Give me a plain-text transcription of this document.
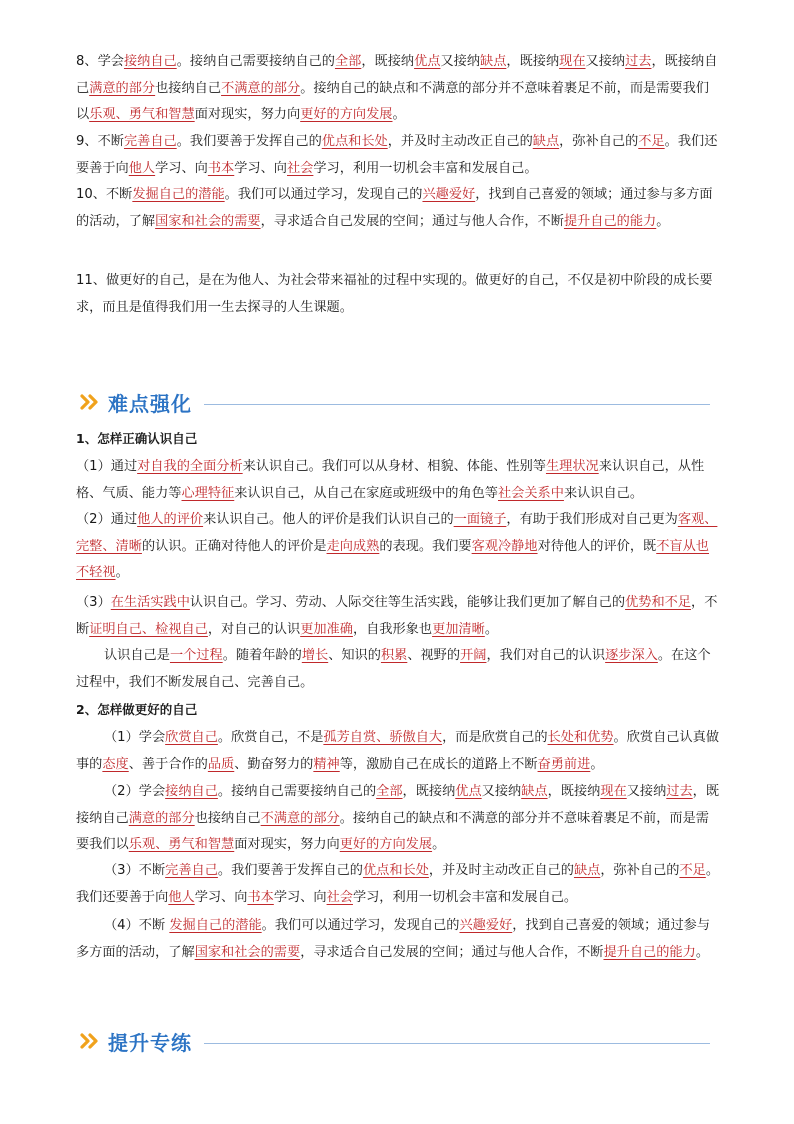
8、学会接纳自己。接纳自己需要接纳自己的全部，既接纳优点又接纳缺点，既接纳现在又接纳过去，既接纳自己满意的部分也接纳自己不满意的部分。接纳自己的缺点和不满意的部分并不意味着裹足不前，而是需要我们以乐观、勇气和智慧面对现实，努力向更好的方向发展。

9、不断完善自己。我们要善于发挥自己的优点和长处，并及时主动改正自己的缺点，弥补自己的不足。我们还要善于向他人学习、向书本学习、向社会学习，利用一切机会丰富和发展自己。

10、不断发掘自己的潜能。我们可以通过学习，发现自己的兴趣爱好，找到自己喜爱的领域；通过参与多方面的活动，了解国家和社会的需要，寻求适合自己发展的空间；通过与他人合作，不断提升自己的能力。

11、做更好的自己，是在为他人、为社会带来福祉的过程中实现的。做更好的自己，不仅是初中阶段的成长要求，而且是值得我们用一生去探寻的人生课题。

难点强化

1、怎样正确认识自己

（1）通过对自我的全面分析来认识自己。我们可以从身材、相貌、体能、性别等生理状况来认识自己，从性格、气质、能力等心理特征来认识自己，从自己在家庭或班级中的角色等社会关系中来认识自己。

（2）通过他人的评价来认识自己。他人的评价是我们认识自己的一面镜子，有助于我们形成对自己更为客观、完整、清晰的认识。正确对待他人的评价是走向成熟的表现。我们要客观冷静地对待他人的评价，既不盲从也不轻视。

（3）在生活实践中认识自己。学习、劳动、人际交往等生活实践，能够让我们更加了解自己的优势和不足，不断证明自己、检视自己，对自己的认识更加准确，自我形象也更加清晰。

认识自己是一个过程。随着年龄的增长、知识的积累、视野的开阔，我们对自己的认识逐步深入。在这个过程中，我们不断发展自己、完善自己。

2、怎样做更好的自己

（1）学会欣赏自己。欣赏自己，不是孤芳自赏、骄傲自大，而是欣赏自己的长处和优势。欣赏自己认真做事的态度、善于合作的品质、勤奋努力的精神等，激励自己在成长的道路上不断奋勇前进。

（2）学会接纳自己。接纳自己需要接纳自己的全部，既接纳优点又接纳缺点，既接纳现在又接纳过去，既接纳自己满意的部分也接纳自己不满意的部分。接纳自己的缺点和不满意的部分并不意味着裹足不前，而是需要我们以乐观、勇气和智慧面对现实，努力向更好的方向发展。

（3）不断完善自己。我们要善于发挥自己的优点和长处，并及时主动改正自己的缺点，弥补自己的不足。我们还要善于向他人学习、向书本学习、向社会学习，利用一切机会丰富和发展自己。

（4）不断 发掘自己的潜能。我们可以通过学习，发现自己的兴趣爱好，找到自己喜爱的领域；通过参与多方面的活动，了解国家和社会的需要，寻求适合自己发展的空间；通过与他人合作，不断提升自己的能力。

提升专练
